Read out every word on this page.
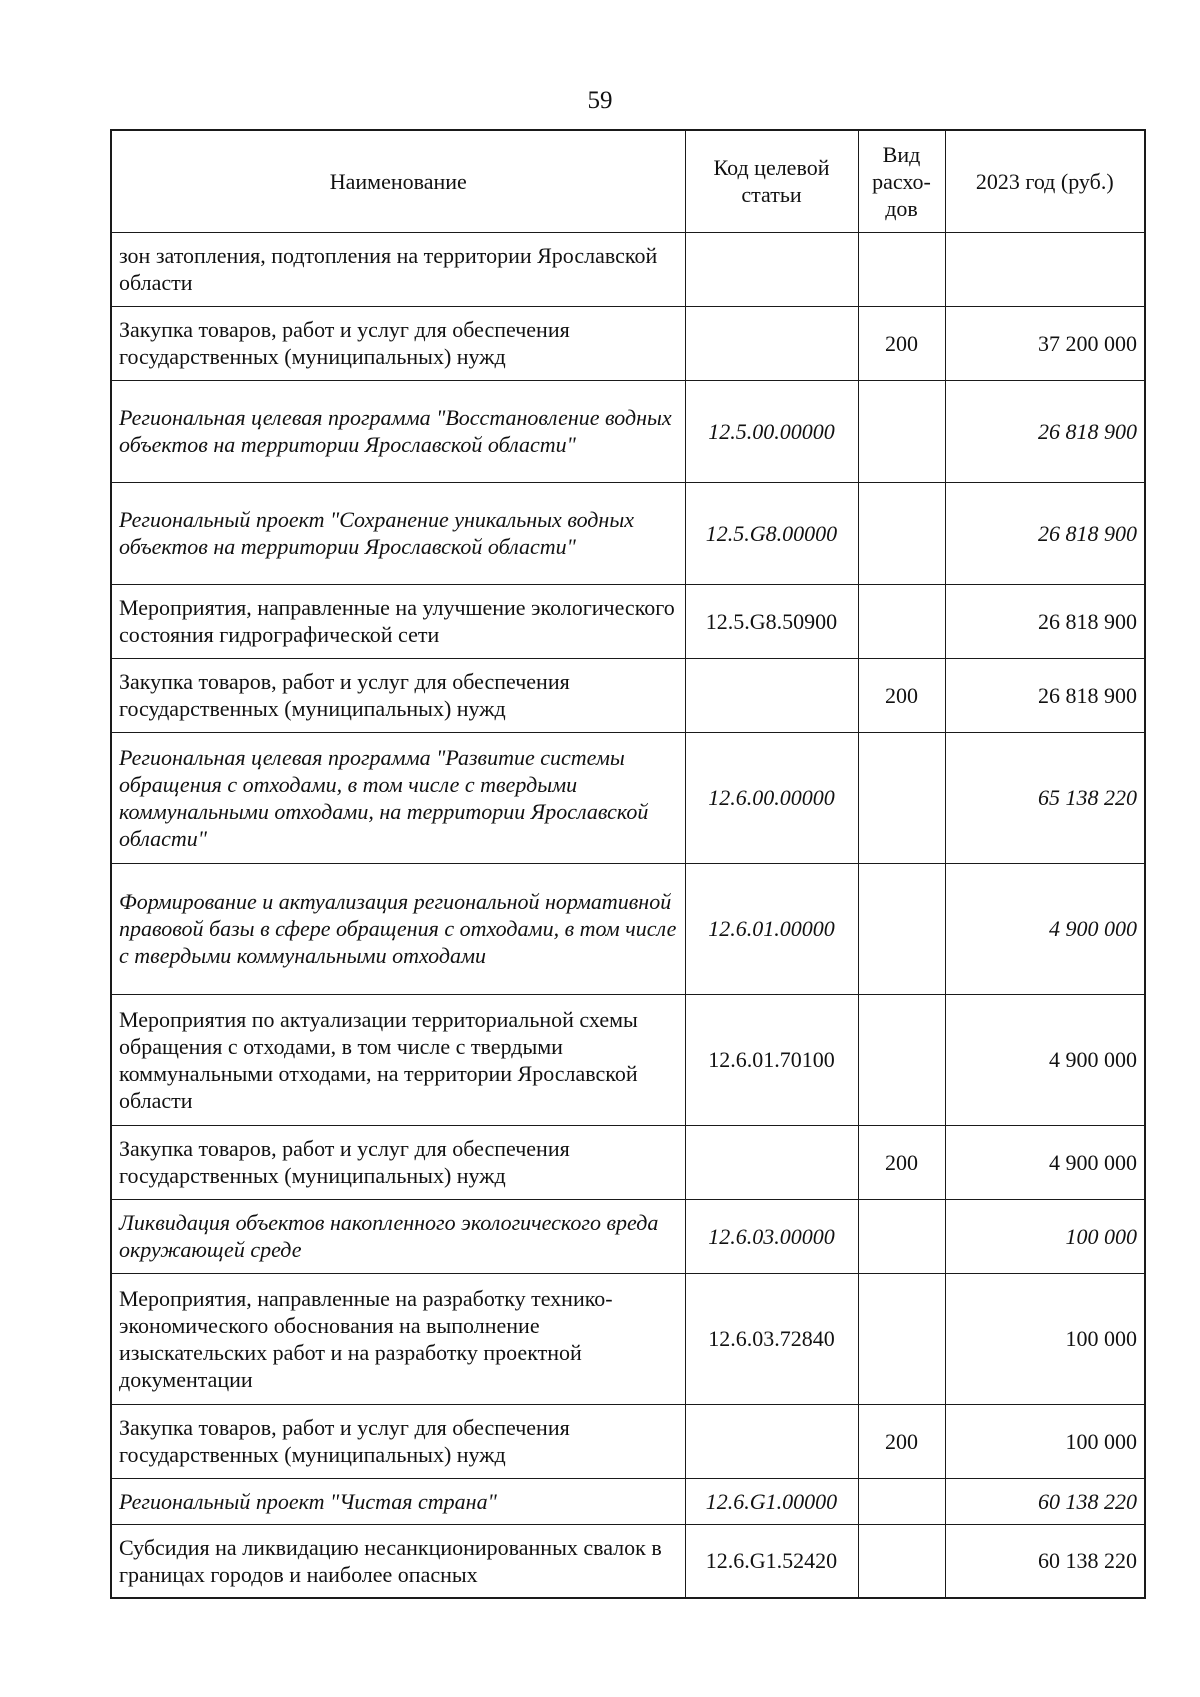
59
Наименование	Код целевой статьи	Вид расхо-дов	2023 год (руб.)
зон затопления, подтопления на территории Ярославской области			
Закупка товаров, работ и услуг для обеспечения государственных (муниципальных) нужд		200	37 200 000
Региональная целевая программа "Восстановление водных объектов на территории Ярославской области"	12.5.00.00000		26 818 900
Региональный проект "Сохранение уникальных водных объектов на территории Ярославской области"	12.5.G8.00000		26 818 900
Мероприятия, направленные на улучшение экологического состояния гидрографической сети	12.5.G8.50900		26 818 900
Закупка товаров, работ и услуг для обеспечения государственных (муниципальных) нужд		200	26 818 900
Региональная целевая программа "Развитие системы обращения с отходами, в том числе с твердыми коммунальными отходами, на территории Ярославской области"	12.6.00.00000		65 138 220
Формирование и актуализация региональной нормативной правовой базы в сфере обращения с отходами, в том числе с твердыми коммунальными отходами	12.6.01.00000		4 900 000
Мероприятия по актуализации территориальной схемы обращения с отходами, в том числе с твердыми коммунальными отходами, на территории Ярославской области	12.6.01.70100		4 900 000
Закупка товаров, работ и услуг для обеспечения государственных (муниципальных) нужд		200	4 900 000
Ликвидация объектов накопленного экологического вреда окружающей среде	12.6.03.00000		100 000
Мероприятия, направленные на разработку технико-экономического обоснования на выполнение изыскательских работ и на разработку проектной документации	12.6.03.72840		100 000
Закупка товаров, работ и услуг для обеспечения государственных (муниципальных) нужд		200	100 000
Региональный проект "Чистая страна"	12.6.G1.00000		60 138 220
Субсидия на ликвидацию несанкционированных свалок в границах городов и наиболее опасных	12.6.G1.52420		60 138 220
